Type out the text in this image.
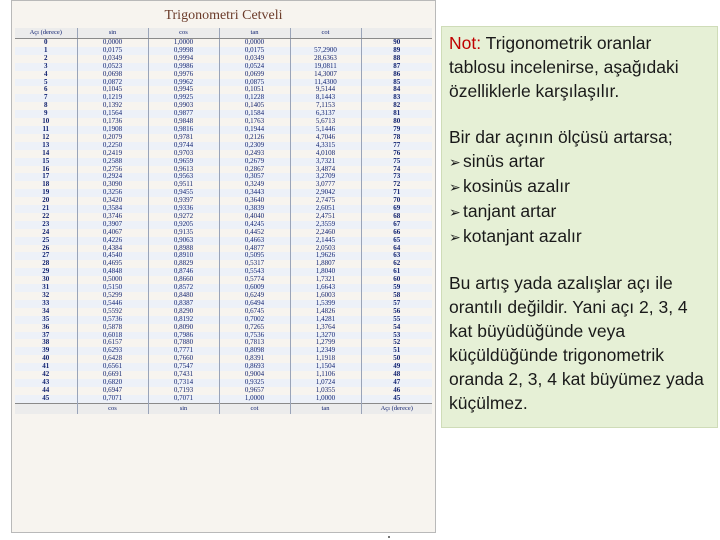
Trigonometri Cetveli
Açı (derece)	sin	cos	tan	cot	
0	0,0000	1,0000	0,0000		90
1	0,0175	0,9998	0,0175	57,2900	89
2	0,0349	0,9994	0,0349	28,6363	88
3	0,0523	0,9986	0,0524	19,0811	87
4	0,0698	0,9976	0,0699	14,3007	86
5	0,0872	0,9962	0,0875	11,4300	85
6	0,1045	0,9945	0,1051	9,5144	84
7	0,1219	0,9925	0,1228	8,1443	83
8	0,1392	0,9903	0,1405	7,1153	82
9	0,1564	0,9877	0,1584	6,3137	81
10	0,1736	0,9848	0,1763	5,6713	80
11	0,1908	0,9816	0,1944	5,1446	79
12	0,2079	0,9781	0,2126	4,7046	78
13	0,2250	0,9744	0,2309	4,3315	77
14	0,2419	0,9703	0,2493	4,0108	76
15	0,2588	0,9659	0,2679	3,7321	75
16	0,2756	0,9613	0,2867	3,4874	74
17	0,2924	0,9563	0,3057	3,2709	73
18	0,3090	0,9511	0,3249	3,0777	72
19	0,3256	0,9455	0,3443	2,9042	71
20	0,3420	0,9397	0,3640	2,7475	70
21	0,3584	0,9336	0,3839	2,6051	69
22	0,3746	0,9272	0,4040	2,4751	68
23	0,3907	0,9205	0,4245	2,3559	67
24	0,4067	0,9135	0,4452	2,2460	66
25	0,4226	0,9063	0,4663	2,1445	65
26	0,4384	0,8988	0,4877	2,0503	64
27	0,4540	0,8910	0,5095	1,9626	63
28	0,4695	0,8829	0,5317	1,8807	62
29	0,4848	0,8746	0,5543	1,8040	61
30	0,5000	0,8660	0,5774	1,7321	60
31	0,5150	0,8572	0,6009	1,6643	59
32	0,5299	0,8480	0,6249	1,6003	58
33	0,5446	0,8387	0,6494	1,5399	57
34	0,5592	0,8290	0,6745	1,4826	56
35	0,5736	0,8192	0,7002	1,4281	55
36	0,5878	0,8090	0,7265	1,3764	54
37	0,6018	0,7986	0,7536	1,3270	53
38	0,6157	0,7880	0,7813	1,2799	52
39	0,6293	0,7771	0,8098	1,2349	51
40	0,6428	0,7660	0,8391	1,1918	50
41	0,6561	0,7547	0,8693	1,1504	49
42	0,6691	0,7431	0,9004	1,1106	48
43	0,6820	0,7314	0,9325	1,0724	47
44	0,6947	0,7193	0,9657	1,0355	46
45	0,7071	0,7071	1,0000	1,0000	45
	cos	sin	cot	tan	Açı (derece)

Not: Trigonometrik oranlar tablosu incelenirse, aşağıdaki özelliklerle karşılaşılır.

Bir dar açının ölçüsü artarsa;

➢ sinüs artar

➢ kosinüs azalır

➢ tanjant artar

➢ kotanjant azalır

Bu artış yada azalışlar açı ile orantılı değildir. Yani açı 2, 3, 4 kat büyüdüğünde veya küçüldüğünde trigonometrik oranda 2, 3, 4 kat büyümez yada küçülmez.
